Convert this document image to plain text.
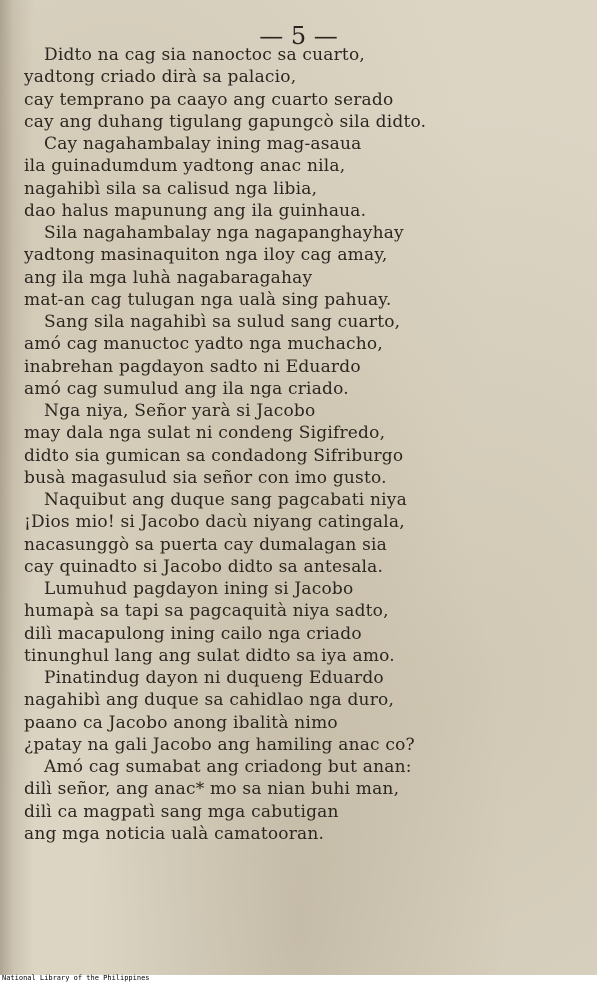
— 5 —

Didto na cag sia nanoctoc sa cuarto,
yadtong criado dirà sa palacio,
cay temprano pa caayo ang cuarto serado
cay ang duhang tigulang gapungcò sila didto.
Cay nagahambalay ining mag-asaua
ila guinadumdum yadtong anac nila,
nagahibì sila sa calisud nga libia,
dao halus mapunung ang ila guinhaua.
Sila nagahambalay nga nagapanghayhay
yadtong masinaquiton nga iloy cag amay,
ang ila mga luhà nagabaragahay
mat-an cag tulugan nga ualà sing pahuay.
Sang sila nagahibì sa sulud sang cuarto,
amó cag manuctoc yadto nga muchacho,
inabrehan pagdayon sadto ni Eduardo
amó cag sumulud ang ila nga criado.
Nga niya, Señor yarà si Jacobo
may dala nga sulat ni condeng Sigifredo,
didto sia gumican sa condadong Sifriburgo
busà magasulud sia señor con imo gusto.
Naquibut ang duque sang pagcabati niya
¡Dios mio! si Jacobo dacù niyang catingala,
nacasunggò sa puerta cay dumalagan sia
cay quinadto si Jacobo didto sa antesala.
Lumuhud pagdayon ining si Jacobo
humapà sa tapi sa pagcaquità niya sadto,
dilì macapulong ining cailo nga criado
tinunghul lang ang sulat didto sa iya amo.
Pinatindug dayon ni duqueng Eduardo
nagahibì ang duque sa cahidlao nga duro,
paano ca Jacobo anong ibalità nimo
¿patay na gali Jacobo ang hamiling anac co?
Amó cag sumabat ang criadong but anan:
dilì señor, ang anac* mo sa nian buhi man,
dilì ca magpatì sang mga cabutigan
ang mga noticia ualà camatooran.
National Library of the Philippines
